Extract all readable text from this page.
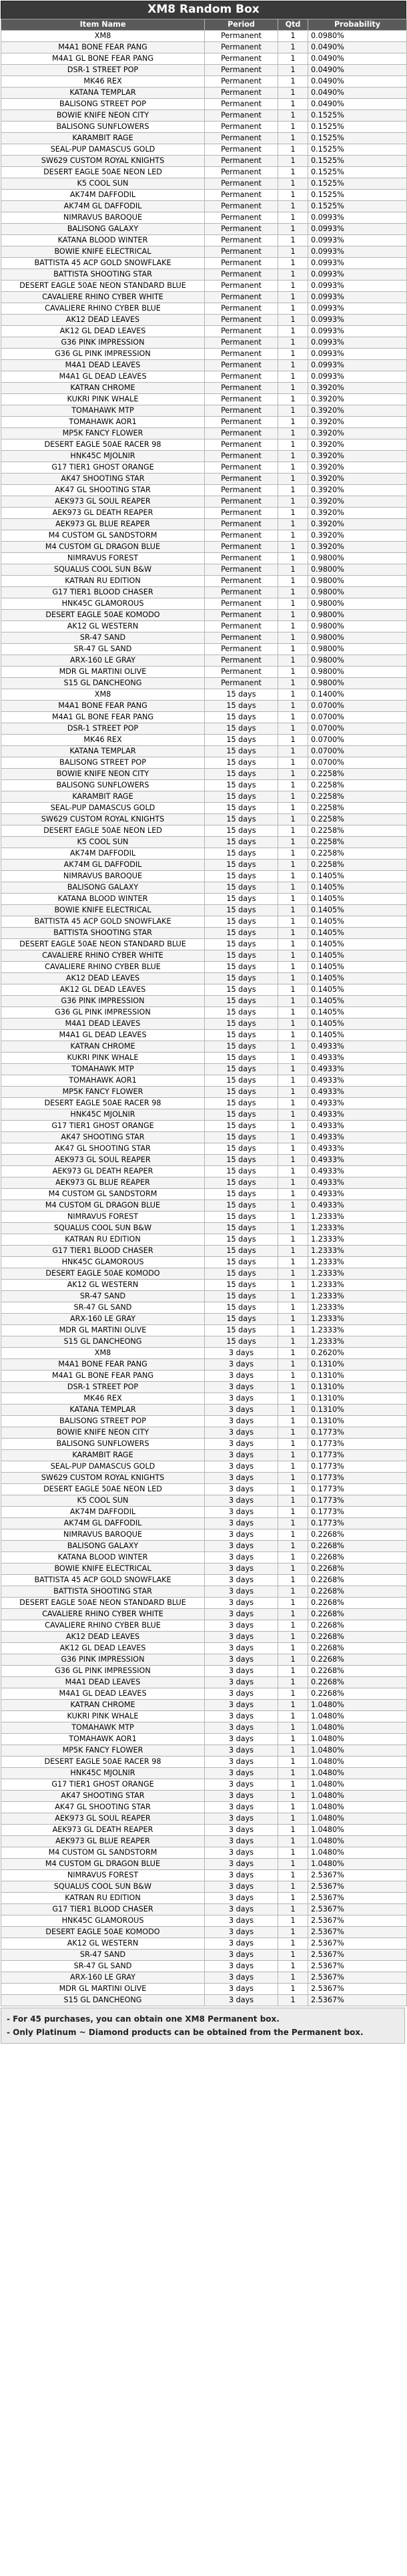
XM8 Random Box
Item Name	Period	Qtd	Probability
XM8	Permanent	1	0.0980%
M4A1 BONE FEAR PANG	Permanent	1	0.0490%
M4A1 GL BONE FEAR PANG	Permanent	1	0.0490%
DSR-1 STREET POP	Permanent	1	0.0490%
MK46 REX	Permanent	1	0.0490%
KATANA TEMPLAR	Permanent	1	0.0490%
BALISONG STREET POP	Permanent	1	0.0490%
BOWIE KNIFE NEON CITY	Permanent	1	0.1525%
BALISONG SUNFLOWERS	Permanent	1	0.1525%
KARAMBIT RAGE	Permanent	1	0.1525%
SEAL-PUP DAMASCUS GOLD	Permanent	1	0.1525%
SW629 CUSTOM ROYAL KNIGHTS	Permanent	1	0.1525%
DESERT EAGLE 50AE NEON LED	Permanent	1	0.1525%
K5 COOL SUN	Permanent	1	0.1525%
AK74M DAFFODIL	Permanent	1	0.1525%
AK74M GL DAFFODIL	Permanent	1	0.1525%
NIMRAVUS BAROQUE	Permanent	1	0.0993%
BALISONG GALAXY	Permanent	1	0.0993%
KATANA BLOOD WINTER	Permanent	1	0.0993%
BOWIE KNIFE ELECTRICAL	Permanent	1	0.0993%
BATTISTA 45 ACP GOLD SNOWFLAKE	Permanent	1	0.0993%
BATTISTA SHOOTING STAR	Permanent	1	0.0993%
DESERT EAGLE 50AE NEON STANDARD BLUE	Permanent	1	0.0993%
CAVALIERE RHINO CYBER WHITE	Permanent	1	0.0993%
CAVALIERE RHINO CYBER BLUE	Permanent	1	0.0993%
AK12 DEAD LEAVES	Permanent	1	0.0993%
AK12 GL DEAD LEAVES	Permanent	1	0.0993%
G36 PINK IMPRESSION	Permanent	1	0.0993%
G36 GL PINK IMPRESSION	Permanent	1	0.0993%
M4A1 DEAD LEAVES	Permanent	1	0.0993%
M4A1 GL DEAD LEAVES	Permanent	1	0.0993%
KATRAN CHROME	Permanent	1	0.3920%
KUKRI PINK WHALE	Permanent	1	0.3920%
TOMAHAWK MTP	Permanent	1	0.3920%
TOMAHAWK AOR1	Permanent	1	0.3920%
MP5K FANCY FLOWER	Permanent	1	0.3920%
DESERT EAGLE 50AE RACER 98	Permanent	1	0.3920%
HNK45C MJOLNIR	Permanent	1	0.3920%
G17 TIER1 GHOST ORANGE	Permanent	1	0.3920%
AK47 SHOOTING STAR	Permanent	1	0.3920%
AK47 GL SHOOTING STAR	Permanent	1	0.3920%
AEK973 GL SOUL REAPER	Permanent	1	0.3920%
AEK973 GL DEATH REAPER	Permanent	1	0.3920%
AEK973 GL BLUE REAPER	Permanent	1	0.3920%
M4 CUSTOM GL SANDSTORM	Permanent	1	0.3920%
M4 CUSTOM GL DRAGON BLUE	Permanent	1	0.3920%
NIMRAVUS FOREST	Permanent	1	0.9800%
SQUALUS COOL SUN B&W	Permanent	1	0.9800%
KATRAN RU EDITION	Permanent	1	0.9800%
G17 TIER1 BLOOD CHASER	Permanent	1	0.9800%
HNK45C GLAMOROUS	Permanent	1	0.9800%
DESERT EAGLE 50AE KOMODO	Permanent	1	0.9800%
AK12 GL WESTERN	Permanent	1	0.9800%
SR-47 SAND	Permanent	1	0.9800%
SR-47 GL SAND	Permanent	1	0.9800%
ARX-160 LE GRAY	Permanent	1	0.9800%
MDR GL MARTINI OLIVE	Permanent	1	0.9800%
S15 GL DANCHEONG	Permanent	1	0.9800%
XM8	15 days	1	0.1400%
M4A1 BONE FEAR PANG	15 days	1	0.0700%
M4A1 GL BONE FEAR PANG	15 days	1	0.0700%
DSR-1 STREET POP	15 days	1	0.0700%
MK46 REX	15 days	1	0.0700%
KATANA TEMPLAR	15 days	1	0.0700%
BALISONG STREET POP	15 days	1	0.0700%
BOWIE KNIFE NEON CITY	15 days	1	0.2258%
BALISONG SUNFLOWERS	15 days	1	0.2258%
KARAMBIT RAGE	15 days	1	0.2258%
SEAL-PUP DAMASCUS GOLD	15 days	1	0.2258%
SW629 CUSTOM ROYAL KNIGHTS	15 days	1	0.2258%
DESERT EAGLE 50AE NEON LED	15 days	1	0.2258%
K5 COOL SUN	15 days	1	0.2258%
AK74M DAFFODIL	15 days	1	0.2258%
AK74M GL DAFFODIL	15 days	1	0.2258%
NIMRAVUS BAROQUE	15 days	1	0.1405%
BALISONG GALAXY	15 days	1	0.1405%
KATANA BLOOD WINTER	15 days	1	0.1405%
BOWIE KNIFE ELECTRICAL	15 days	1	0.1405%
BATTISTA 45 ACP GOLD SNOWFLAKE	15 days	1	0.1405%
BATTISTA SHOOTING STAR	15 days	1	0.1405%
DESERT EAGLE 50AE NEON STANDARD BLUE	15 days	1	0.1405%
CAVALIERE RHINO CYBER WHITE	15 days	1	0.1405%
CAVALIERE RHINO CYBER BLUE	15 days	1	0.1405%
AK12 DEAD LEAVES	15 days	1	0.1405%
AK12 GL DEAD LEAVES	15 days	1	0.1405%
G36 PINK IMPRESSION	15 days	1	0.1405%
G36 GL PINK IMPRESSION	15 days	1	0.1405%
M4A1 DEAD LEAVES	15 days	1	0.1405%
M4A1 GL DEAD LEAVES	15 days	1	0.1405%
KATRAN CHROME	15 days	1	0.4933%
KUKRI PINK WHALE	15 days	1	0.4933%
TOMAHAWK MTP	15 days	1	0.4933%
TOMAHAWK AOR1	15 days	1	0.4933%
MP5K FANCY FLOWER	15 days	1	0.4933%
DESERT EAGLE 50AE RACER 98	15 days	1	0.4933%
HNK45C MJOLNIR	15 days	1	0.4933%
G17 TIER1 GHOST ORANGE	15 days	1	0.4933%
AK47 SHOOTING STAR	15 days	1	0.4933%
AK47 GL SHOOTING STAR	15 days	1	0.4933%
AEK973 GL SOUL REAPER	15 days	1	0.4933%
AEK973 GL DEATH REAPER	15 days	1	0.4933%
AEK973 GL BLUE REAPER	15 days	1	0.4933%
M4 CUSTOM GL SANDSTORM	15 days	1	0.4933%
M4 CUSTOM GL DRAGON BLUE	15 days	1	0.4933%
NIMRAVUS FOREST	15 days	1	1.2333%
SQUALUS COOL SUN B&W	15 days	1	1.2333%
KATRAN RU EDITION	15 days	1	1.2333%
G17 TIER1 BLOOD CHASER	15 days	1	1.2333%
HNK45C GLAMOROUS	15 days	1	1.2333%
DESERT EAGLE 50AE KOMODO	15 days	1	1.2333%
AK12 GL WESTERN	15 days	1	1.2333%
SR-47 SAND	15 days	1	1.2333%
SR-47 GL SAND	15 days	1	1.2333%
ARX-160 LE GRAY	15 days	1	1.2333%
MDR GL MARTINI OLIVE	15 days	1	1.2333%
S15 GL DANCHEONG	15 days	1	1.2333%
XM8	3 days	1	0.2620%
M4A1 BONE FEAR PANG	3 days	1	0.1310%
M4A1 GL BONE FEAR PANG	3 days	1	0.1310%
DSR-1 STREET POP	3 days	1	0.1310%
MK46 REX	3 days	1	0.1310%
KATANA TEMPLAR	3 days	1	0.1310%
BALISONG STREET POP	3 days	1	0.1310%
BOWIE KNIFE NEON CITY	3 days	1	0.1773%
BALISONG SUNFLOWERS	3 days	1	0.1773%
KARAMBIT RAGE	3 days	1	0.1773%
SEAL-PUP DAMASCUS GOLD	3 days	1	0.1773%
SW629 CUSTOM ROYAL KNIGHTS	3 days	1	0.1773%
DESERT EAGLE 50AE NEON LED	3 days	1	0.1773%
K5 COOL SUN	3 days	1	0.1773%
AK74M DAFFODIL	3 days	1	0.1773%
AK74M GL DAFFODIL	3 days	1	0.1773%
NIMRAVUS BAROQUE	3 days	1	0.2268%
BALISONG GALAXY	3 days	1	0.2268%
KATANA BLOOD WINTER	3 days	1	0.2268%
BOWIE KNIFE ELECTRICAL	3 days	1	0.2268%
BATTISTA 45 ACP GOLD SNOWFLAKE	3 days	1	0.2268%
BATTISTA SHOOTING STAR	3 days	1	0.2268%
DESERT EAGLE 50AE NEON STANDARD BLUE	3 days	1	0.2268%
CAVALIERE RHINO CYBER WHITE	3 days	1	0.2268%
CAVALIERE RHINO CYBER BLUE	3 days	1	0.2268%
AK12 DEAD LEAVES	3 days	1	0.2268%
AK12 GL DEAD LEAVES	3 days	1	0.2268%
G36 PINK IMPRESSION	3 days	1	0.2268%
G36 GL PINK IMPRESSION	3 days	1	0.2268%
M4A1 DEAD LEAVES	3 days	1	0.2268%
M4A1 GL DEAD LEAVES	3 days	1	0.2268%
KATRAN CHROME	3 days	1	1.0480%
KUKRI PINK WHALE	3 days	1	1.0480%
TOMAHAWK MTP	3 days	1	1.0480%
TOMAHAWK AOR1	3 days	1	1.0480%
MP5K FANCY FLOWER	3 days	1	1.0480%
DESERT EAGLE 50AE RACER 98	3 days	1	1.0480%
HNK45C MJOLNIR	3 days	1	1.0480%
G17 TIER1 GHOST ORANGE	3 days	1	1.0480%
AK47 SHOOTING STAR	3 days	1	1.0480%
AK47 GL SHOOTING STAR	3 days	1	1.0480%
AEK973 GL SOUL REAPER	3 days	1	1.0480%
AEK973 GL DEATH REAPER	3 days	1	1.0480%
AEK973 GL BLUE REAPER	3 days	1	1.0480%
M4 CUSTOM GL SANDSTORM	3 days	1	1.0480%
M4 CUSTOM GL DRAGON BLUE	3 days	1	1.0480%
NIMRAVUS FOREST	3 days	1	2.5367%
SQUALUS COOL SUN B&W	3 days	1	2.5367%
KATRAN RU EDITION	3 days	1	2.5367%
G17 TIER1 BLOOD CHASER	3 days	1	2.5367%
HNK45C GLAMOROUS	3 days	1	2.5367%
DESERT EAGLE 50AE KOMODO	3 days	1	2.5367%
AK12 GL WESTERN	3 days	1	2.5367%
SR-47 SAND	3 days	1	2.5367%
SR-47 GL SAND	3 days	1	2.5367%
ARX-160 LE GRAY	3 days	1	2.5367%
MDR GL MARTINI OLIVE	3 days	1	2.5367%
S15 GL DANCHEONG	3 days	1	2.5367%
- For 45 purchases, you can obtain one XM8 Permanent box.
- Only Platinum ~ Diamond products can be obtained from the Permanent box.
